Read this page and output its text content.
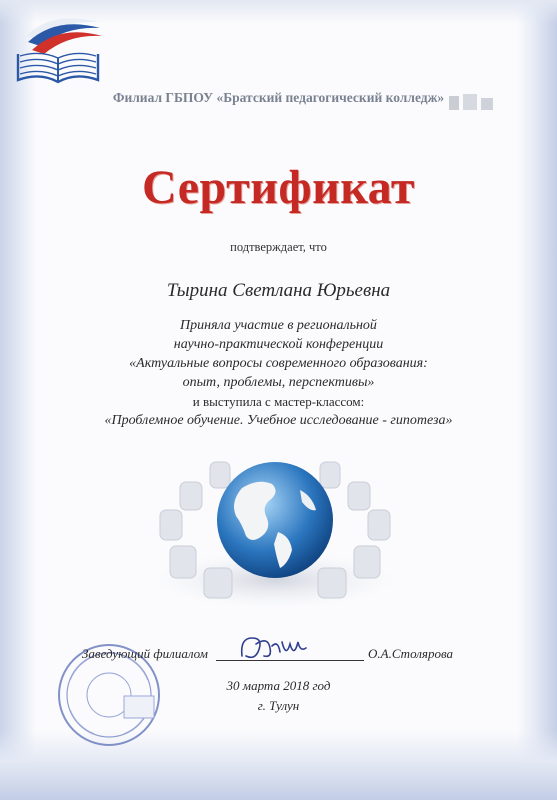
Филиал ГБПОУ «Братский педагогический колледж»
Сертификат
подтверждает, что
Тырина Светлана Юрьевна
Приняла участие в региональной
научно-практической конференции
«Актуальные вопросы современного образования:
опыт, проблемы, перспективы»
и выступила с мастер-классом:
«Проблемное обучение. Учебное исследование - гипотеза»
Заведующий филиалом	О.А.Столярова
30 марта 2018 год
г. Тулун
